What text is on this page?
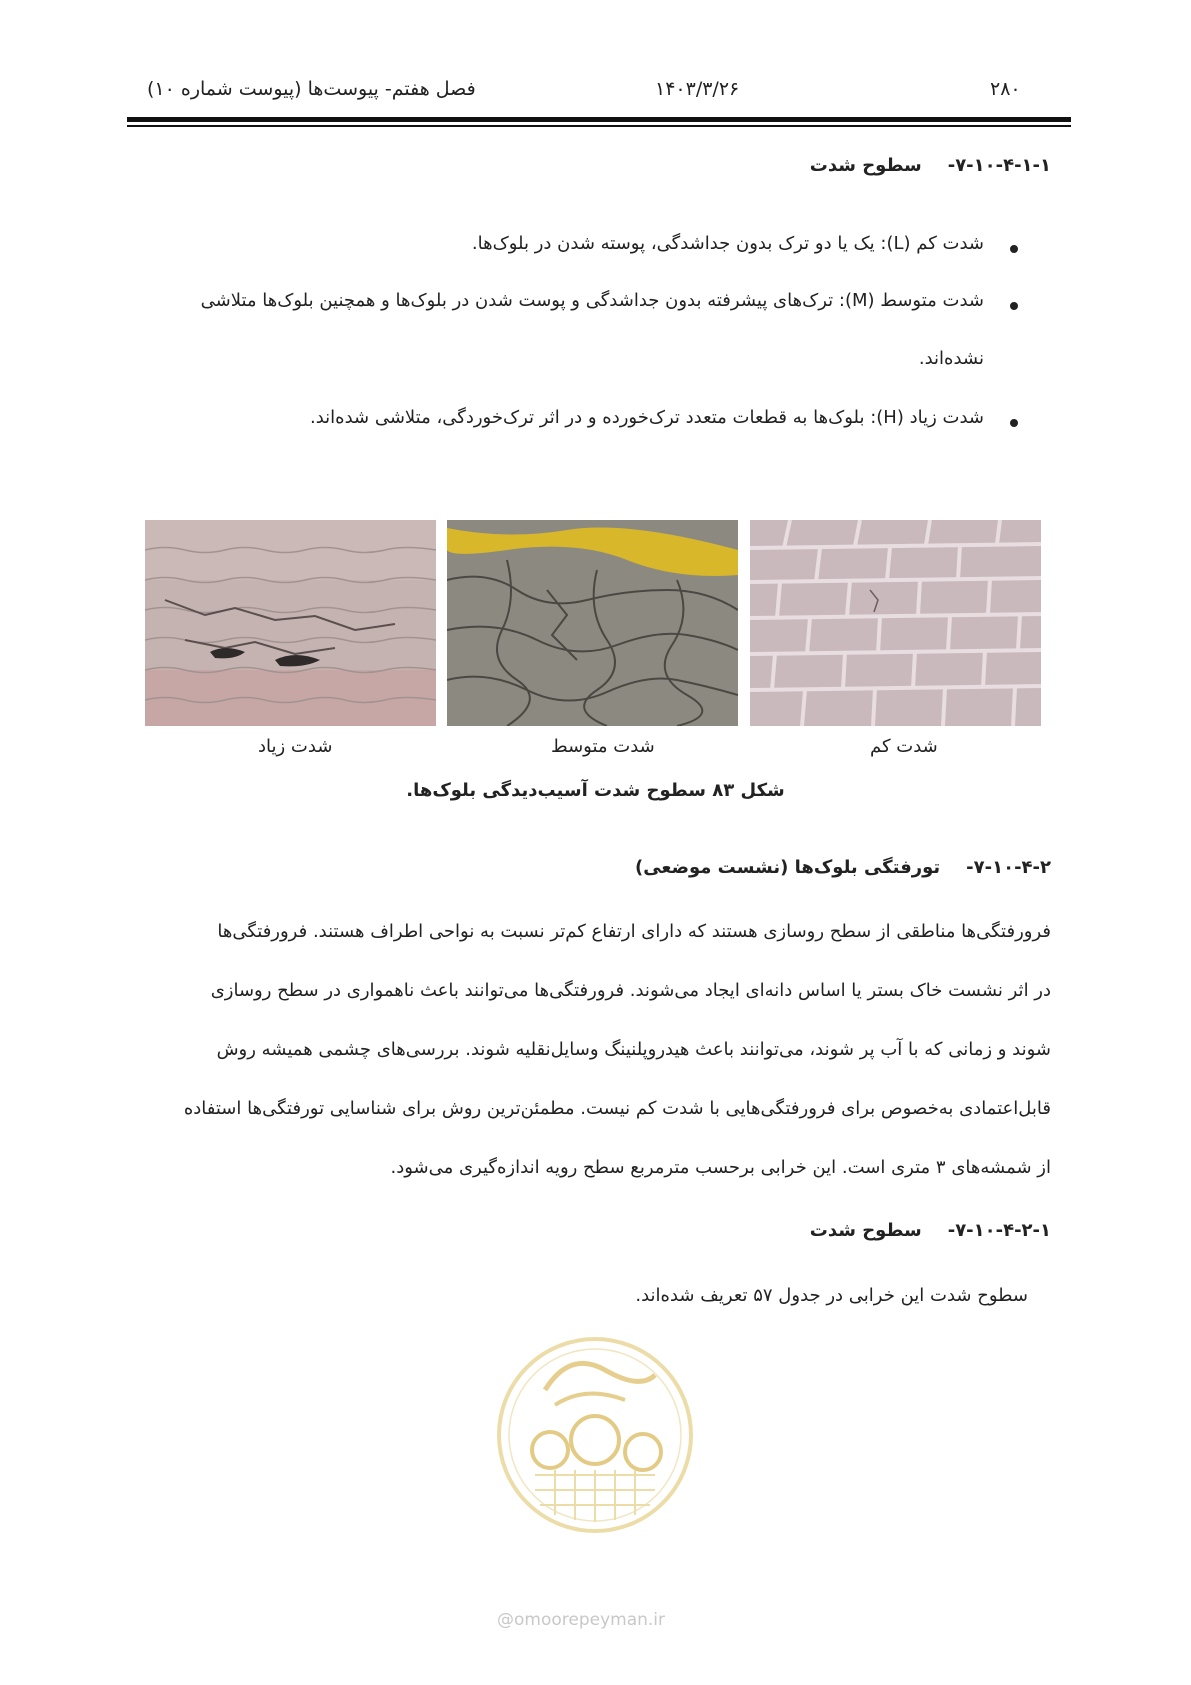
فصل هفتم- پیوست‌ها (پیوست شماره ۱۰)	۱۴۰۳/۳/۲۶	۲۸۰
۷-۱۰-۴-۱-۱-سطوح شدت
شدت کم (L): یک یا دو ترک بدون جداشدگی، پوسته شدن در بلوک‌ها.
شدت متوسط (M): ترک‌های پیشرفته بدون جداشدگی و پوست شدن در بلوک‌ها و همچنین بلوک‌ها متلاشی
نشده‌اند.
شدت زیاد (H): بلوک‌ها به قطعات متعدد ترک‌خورده و در اثر ترک‌خوردگی، متلاشی شده‌اند.
شدت کم
شدت متوسط
شدت زیاد
شکل ۸۳ سطوح شدت آسیب‌دیدگی بلوک‌ها.
۷-۱۰-۴-۲-تورفتگی بلوک‌ها (نشست موضعی)
فرورفتگی‌ها مناطقی از سطح روسازی هستند که دارای ارتفاع کم‌تر نسبت به نواحی اطراف هستند. فرورفتگی‌ها
در اثر نشست خاک بستر یا اساس دانه‌ای ایجاد می‌شوند. فرورفتگی‌ها می‌توانند باعث ناهمواری در سطح روسازی
شوند و زمانی که با آب پر شوند، می‌توانند باعث هیدروپلنینگ وسایل‌نقلیه شوند. بررسی‌های چشمی همیشه روش
قابل‌اعتمادی به‌خصوص برای فرورفتگی‌هایی با شدت کم نیست. مطمئن‌ترین روش برای شناسایی تورفتگی‌ها استفاده
از شمشه‌های ۳ متری است. این خرابی برحسب مترمربع سطح رویه اندازه‌گیری می‌شود.
۷-۱۰-۴-۲-۱-سطوح شدت
سطوح شدت این خرابی در جدول ۵۷ تعریف شده‌اند.
@omoorepeyman.ir
